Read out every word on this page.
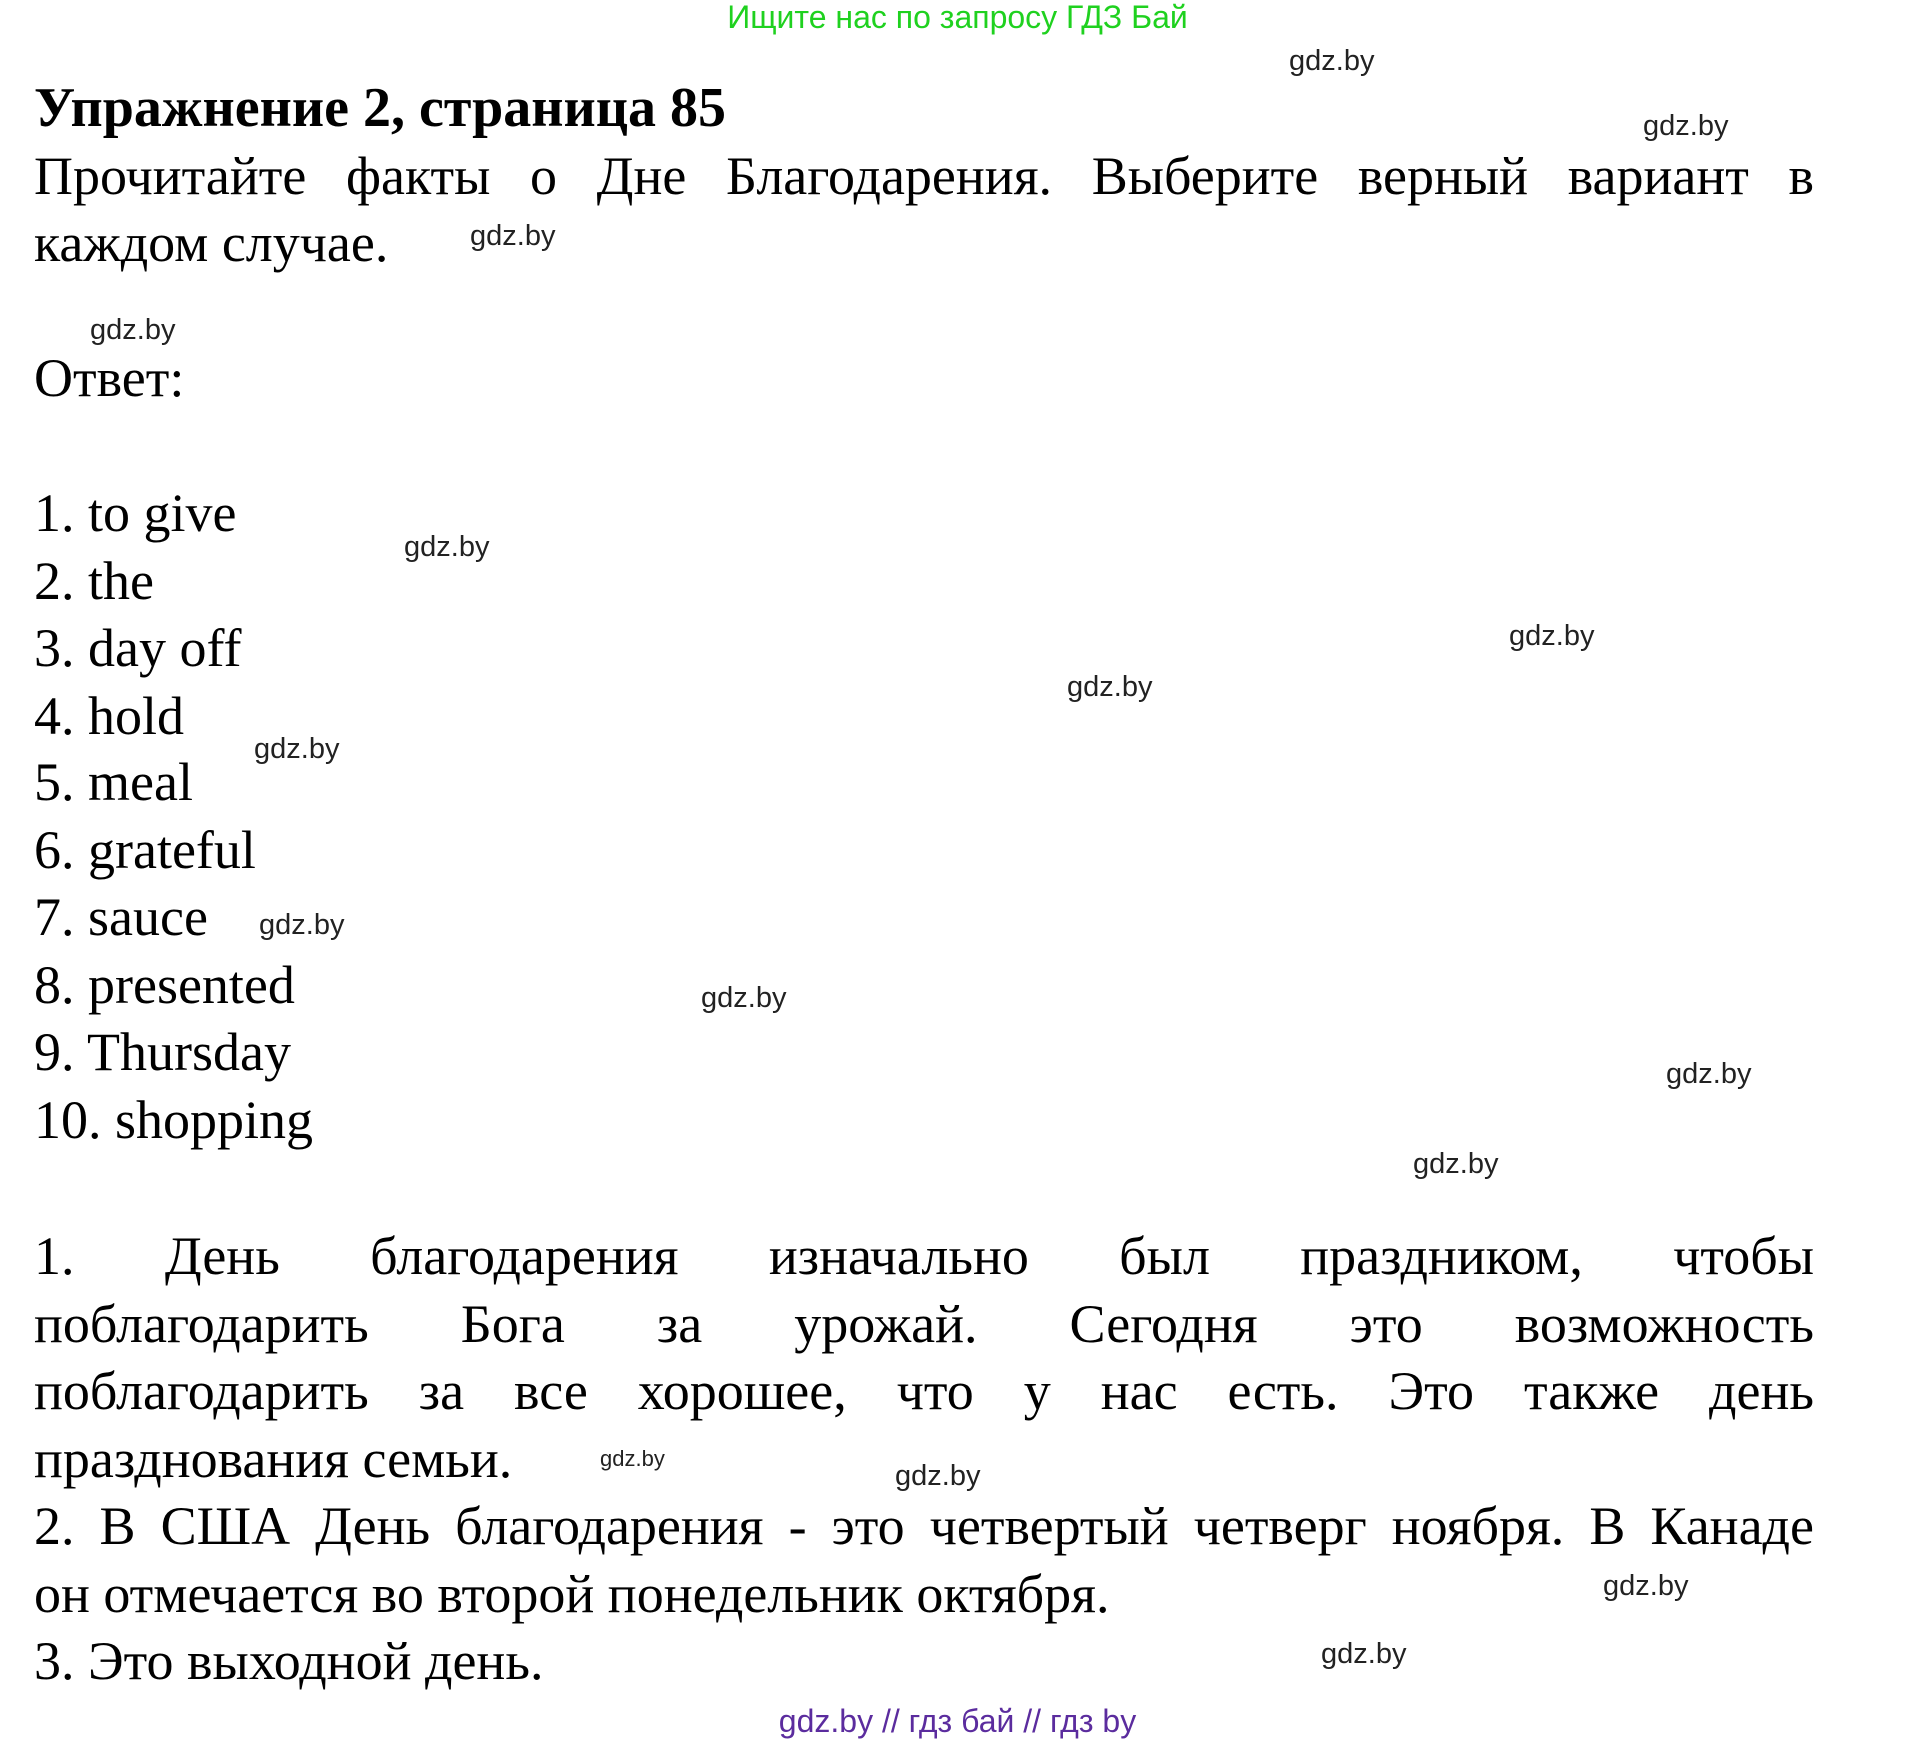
Ищите нас по запросу ГДЗ Бай
Упражнение 2, страница 85
Прочитайте факты о Дне Благодарения. Выберите верный вариант в
каждом случае.
Ответ:
1. to give
2. the
3. day off
4. hold
5. meal
6. grateful
7. sauce
8. presented
9. Thursday
10. shopping
1. День благодарения изначально был праздником, чтобы
поблагодарить Бога за урожай. Сегодня это возможность
поблагодарить за все хорошее, что у нас есть. Это также день
празднования семьи.
2. В США День благодарения - это четвертый четверг ноября. В Канаде
он отмечается во второй понедельник октября.
3. Это выходной день.
gdz.by
gdz.by
gdz.by
gdz.by
gdz.by
gdz.by
gdz.by
gdz.by
gdz.by
gdz.by
gdz.by
gdz.by
gdz.by
gdz.by
gdz.by
gdz.by
gdz.by // гдз бай // гдз by
